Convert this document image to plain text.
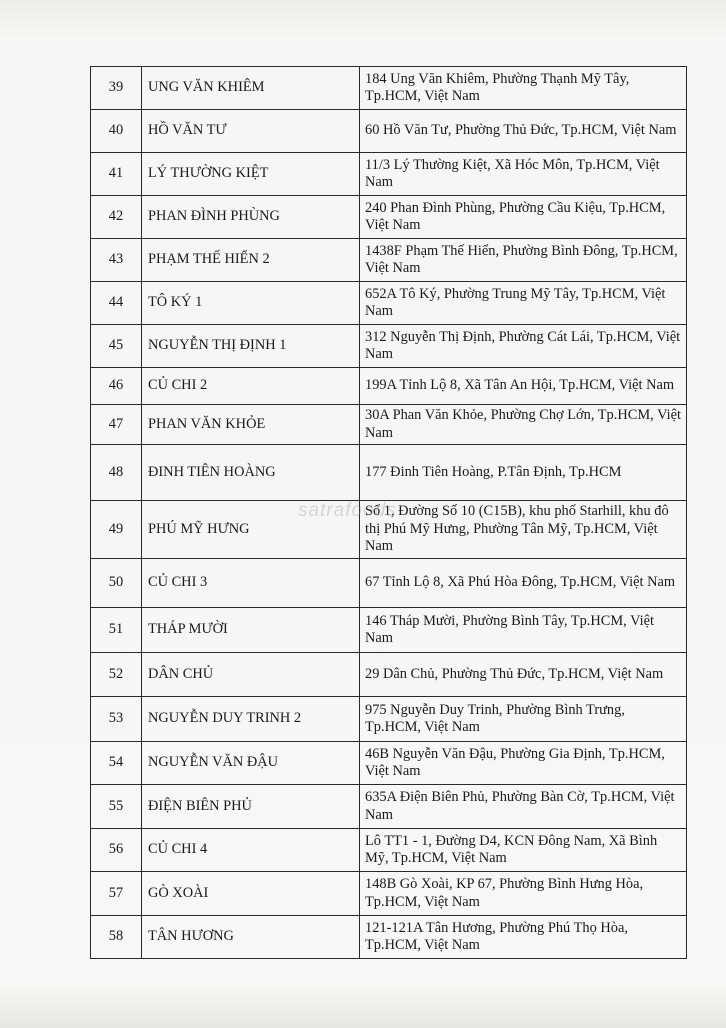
39	UNG VĂN KHIÊM	184 Ung Văn Khiêm, Phường Thạnh Mỹ Tây, Tp.HCM, Việt Nam
40	HỒ VĂN TƯ	60 Hồ Văn Tư, Phường Thủ Đức, Tp.HCM, Việt Nam
41	LÝ THƯỜNG KIỆT	11/3 Lý Thường Kiệt, Xã Hóc Môn, Tp.HCM, Việt Nam
42	PHAN ĐÌNH PHÙNG	240 Phan Đình Phùng, Phường Cầu Kiệu, Tp.HCM, Việt Nam
43	PHẠM THẾ HIỂN 2	1438F Phạm Thế Hiển, Phường Bình Đông, Tp.HCM, Việt Nam
44	TÔ KÝ 1	652A Tô Ký, Phường Trung Mỹ Tây, Tp.HCM, Việt Nam
45	NGUYỄN THỊ ĐỊNH 1	312 Nguyễn Thị Định, Phường Cát Lái, Tp.HCM, Việt Nam
46	CỦ CHI 2	199A Tỉnh Lộ 8, Xã Tân An Hội, Tp.HCM, Việt Nam
47	PHAN VĂN KHỎE	30A Phan Văn Khỏe, Phường Chợ Lớn, Tp.HCM, Việt Nam
48	ĐINH TIÊN HOÀNG	177 Đinh Tiên Hoàng, P.Tân Định, Tp.HCM
49	PHÚ MỸ HƯNG	Số 1, Đường Số 10 (C15B), khu phố Starhill, khu đô thị Phú Mỹ Hưng, Phường Tân Mỹ, Tp.HCM, Việt Nam
50	CỦ CHI 3	67 Tỉnh Lộ 8, Xã Phú Hòa Đông, Tp.HCM, Việt Nam
51	THÁP MƯỜI	146 Tháp Mười, Phường Bình Tây, Tp.HCM, Việt Nam
52	DÂN CHỦ	29 Dân Chủ, Phường Thủ Đức, Tp.HCM, Việt Nam
53	NGUYỄN DUY TRINH 2	975 Nguyễn Duy Trinh, Phường Bình Trưng, Tp.HCM, Việt Nam
54	NGUYỄN VĂN ĐẬU	46B Nguyễn Văn Đậu, Phường Gia Định, Tp.HCM, Việt Nam
55	ĐIỆN BIÊN PHỦ	635A Điện Biên Phủ, Phường Bàn Cờ, Tp.HCM, Việt Nam
56	CỦ CHI 4	Lô TT1 - 1, Đường D4, KCN Đông Nam, Xã Bình Mỹ, Tp.HCM, Việt Nam
57	GÒ XOÀI	148B Gò Xoài, KP 67, Phường Bình Hưng Hòa, Tp.HCM, Việt Nam
58	TÂN HƯƠNG	121-121A Tân Hương, Phường Phú Thọ Hòa, Tp.HCM, Việt Nam
satrafoods
